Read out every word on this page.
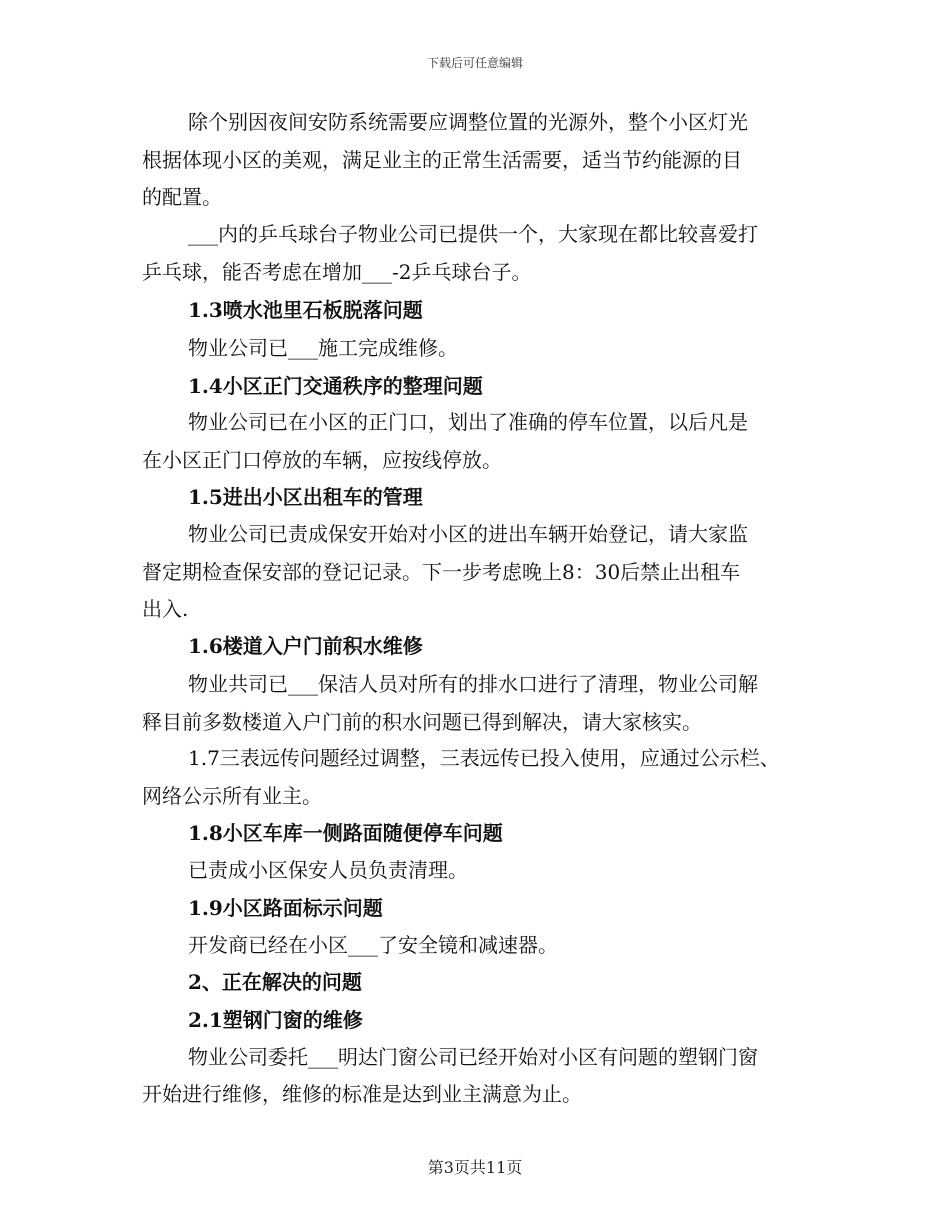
下载后可任意编辑
除个别因夜间安防系统需要应调整位置的光源外，整个小区灯光
根据体现小区的美观，满足业主的正常生活需要，适当节约能源的目
的配置。
___内的乒乓球台子物业公司已提供一个，大家现在都比较喜爱打
乒乓球，能否考虑在增加___-2乒乓球台子。
1.3喷水池里石板脱落问题
物业公司已___施工完成维修。
1.4小区正门交通秩序的整理问题
物业公司已在小区的正门口，划出了准确的停车位置，以后凡是
在小区正门口停放的车辆，应按线停放。
1.5进出小区出租车的管理
物业公司已责成保安开始对小区的进出车辆开始登记，请大家监
督定期检查保安部的登记记录。下一步考虑晚上8：30后禁止出租车
出入.
1.6楼道入户门前积水维修
物业共司已___保洁人员对所有的排水口进行了清理，物业公司解
释目前多数楼道入户门前的积水问题已得到解决，请大家核实。
1.7三表远传问题经过调整，三表远传已投入使用，应通过公示栏、
网络公示所有业主。
1.8小区车库一侧路面随便停车问题
已责成小区保安人员负责清理。
1.9小区路面标示问题
开发商已经在小区___了安全镜和减速器。
2、正在解决的问题
2.1塑钢门窗的维修
物业公司委托___明达门窗公司已经开始对小区有问题的塑钢门窗
开始进行维修，维修的标准是达到业主满意为止。
第3页共11页
